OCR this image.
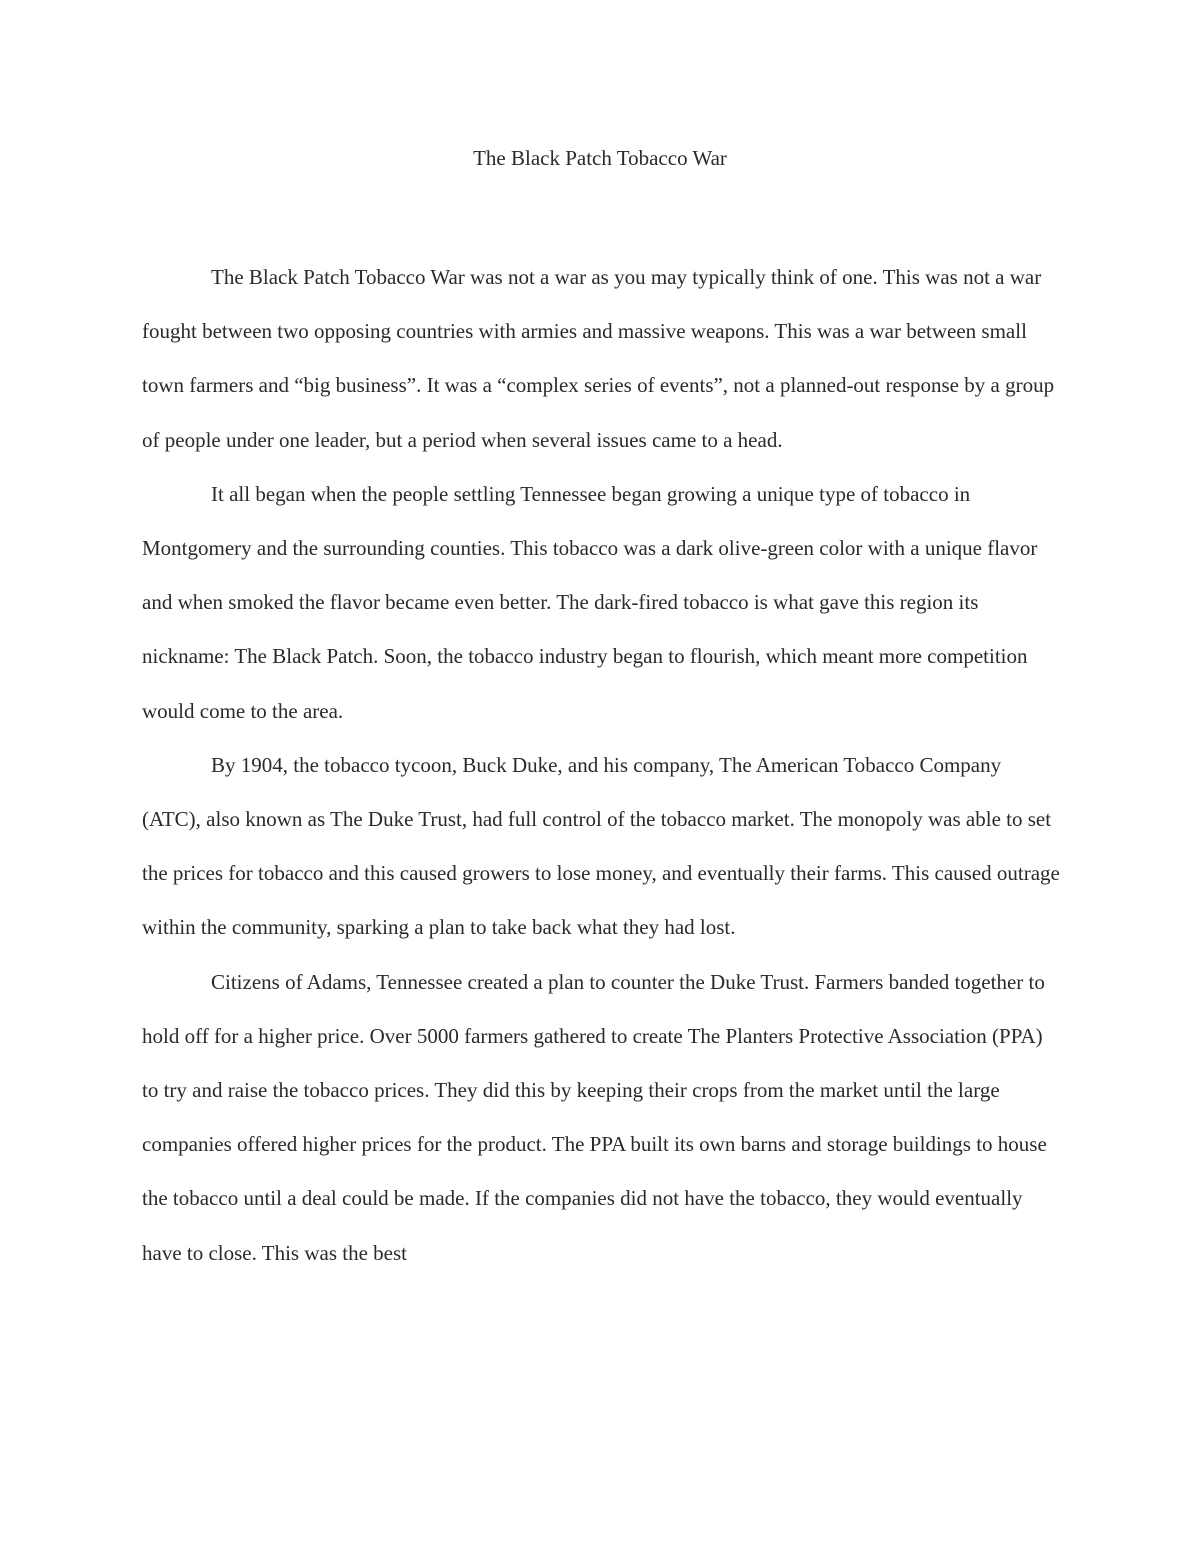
The Black Patch Tobacco War

The Black Patch Tobacco War was not a war as you may typically think of one. This was not a war fought between two opposing countries with armies and massive weapons. This was a war between small town farmers and “big business”. It was a “complex series of events”, not a planned-out response by a group of people under one leader, but a period when several issues came to a head.

It all began when the people settling Tennessee began growing a unique type of tobacco in Montgomery and the surrounding counties. This tobacco was a dark olive-green color with a unique flavor and when smoked the flavor became even better. The dark-fired tobacco is what gave this region its nickname: The Black Patch. Soon, the tobacco industry began to flourish, which meant more competition would come to the area.

By 1904, the tobacco tycoon, Buck Duke, and his company, The American Tobacco Company (ATC), also known as The Duke Trust, had full control of the tobacco market. The monopoly was able to set the prices for tobacco and this caused growers to lose money, and eventually their farms. This caused outrage within the community, sparking a plan to take back what they had lost.

Citizens of Adams, Tennessee created a plan to counter the Duke Trust. Farmers banded together to hold off for a higher price. Over 5000 farmers gathered to create The Planters Protective Association (PPA) to try and raise the tobacco prices. They did this by keeping their crops from the market until the large companies offered higher prices for the product. The PPA built its own barns and storage buildings to house the tobacco until a deal could be made. If the companies did not have the tobacco, they would eventually have to close. This was the best
